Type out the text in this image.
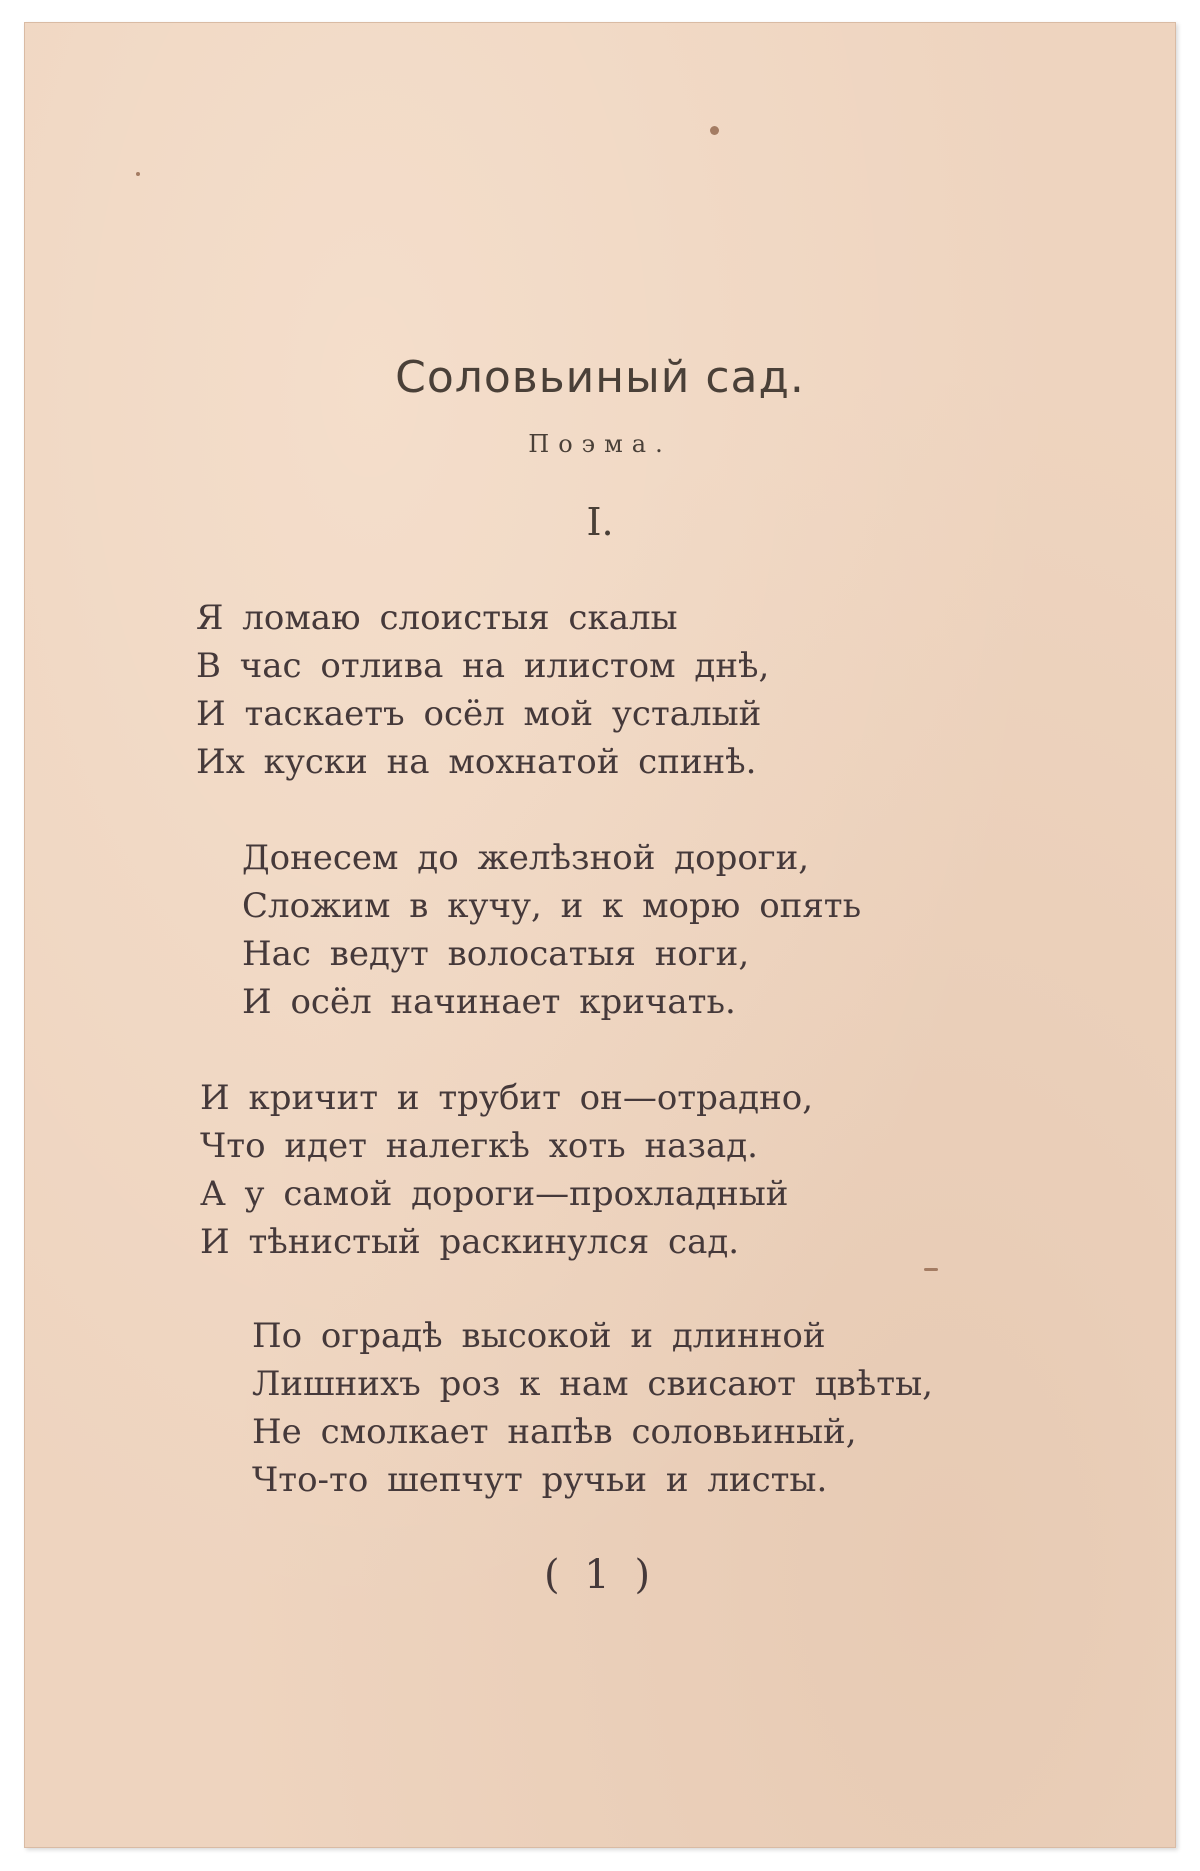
Соловьиный сад.

Поэма.

I.

Я ломаю слоистыя скалы
В час отлива на илистом днѣ,
И таскаетъ осёл мой усталый
Их куски на мохнатой спинѣ.
Донесем до желѣзной дороги,
Сложим в кучу, и к морю опять
Нас ведут волосатыя ноги,
И осёл начинает кричать.
И кричит и трубит он—отрадно,
Что идет налегкѣ хоть назад.
А у самой дороги—прохладный
И тѣнистый раскинулся сад.
По оградѣ высокой и длинной
Лишнихъ роз к нам свисают цвѣты,
Не смолкает напѣв соловьиный,
Что-то шепчут ручьи и листы.

( 1 )
